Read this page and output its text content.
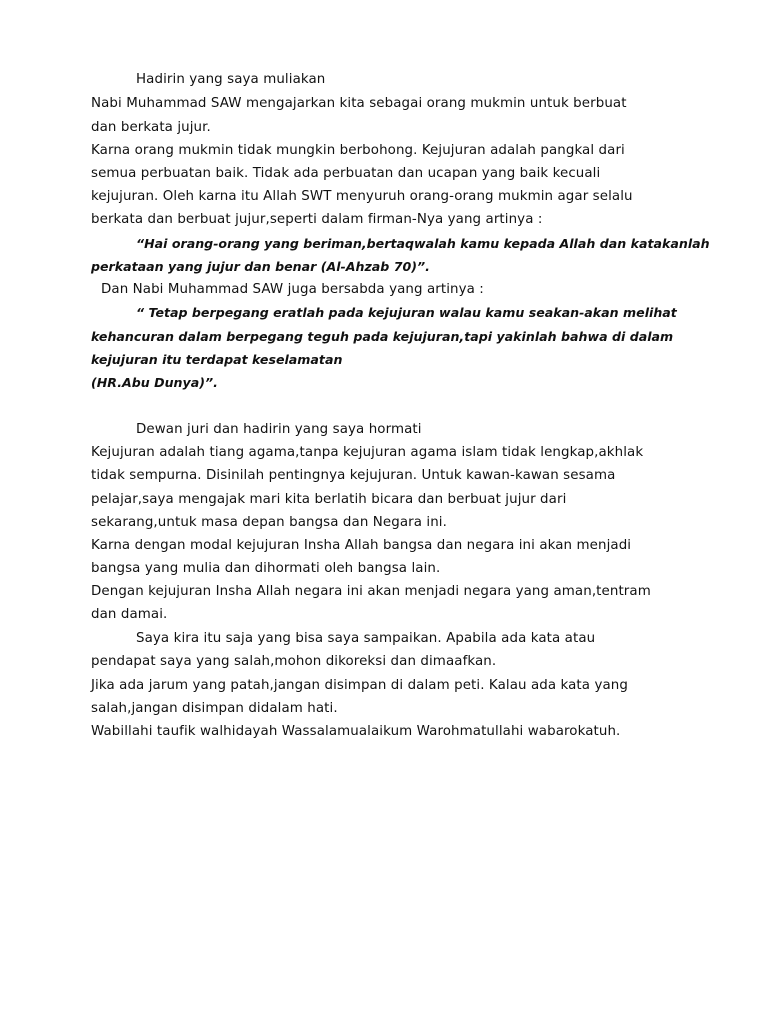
Hadirin yang saya muliakan
Nabi Muhammad SAW mengajarkan kita sebagai orang mukmin untuk berbuat
dan berkata jujur.
Karna orang mukmin tidak mungkin berbohong. Kejujuran adalah pangkal dari
semua perbuatan baik. Tidak ada perbuatan dan ucapan yang baik kecuali
kejujuran. Oleh karna itu Allah SWT menyuruh orang-orang mukmin agar selalu
berkata dan berbuat jujur,seperti dalam firman-Nya yang artinya :
“Hai orang-orang yang beriman,bertaqwalah kamu kepada Allah dan katakanlah
perkataan yang jujur dan benar (Al-Ahzab 70)”.
Dan Nabi Muhammad SAW juga bersabda yang artinya :
“ Tetap berpegang eratlah pada kejujuran walau kamu seakan-akan melihat
kehancuran dalam berpegang teguh pada kejujuran,tapi yakinlah bahwa di dalam
kejujuran itu terdapat keselamatan
(HR.Abu Dunya)”.
Dewan juri dan hadirin yang saya hormati
Kejujuran adalah tiang agama,tanpa kejujuran agama islam tidak lengkap,akhlak
tidak sempurna. Disinilah pentingnya kejujuran. Untuk kawan-kawan sesama
pelajar,saya mengajak mari kita berlatih bicara dan berbuat jujur dari
sekarang,untuk masa depan bangsa dan Negara ini.
Karna dengan modal kejujuran Insha Allah bangsa dan negara ini akan menjadi
bangsa yang mulia dan dihormati oleh bangsa lain.
Dengan kejujuran Insha Allah negara ini akan menjadi negara yang aman,tentram
dan damai.
Saya kira itu saja yang bisa saya sampaikan. Apabila ada kata atau
pendapat saya yang salah,mohon dikoreksi dan dimaafkan.
Jika ada jarum yang patah,jangan disimpan di dalam peti. Kalau ada kata yang
salah,jangan disimpan didalam hati.
Wabillahi taufik walhidayah Wassalamualaikum Warohmatullahi wabarokatuh.
